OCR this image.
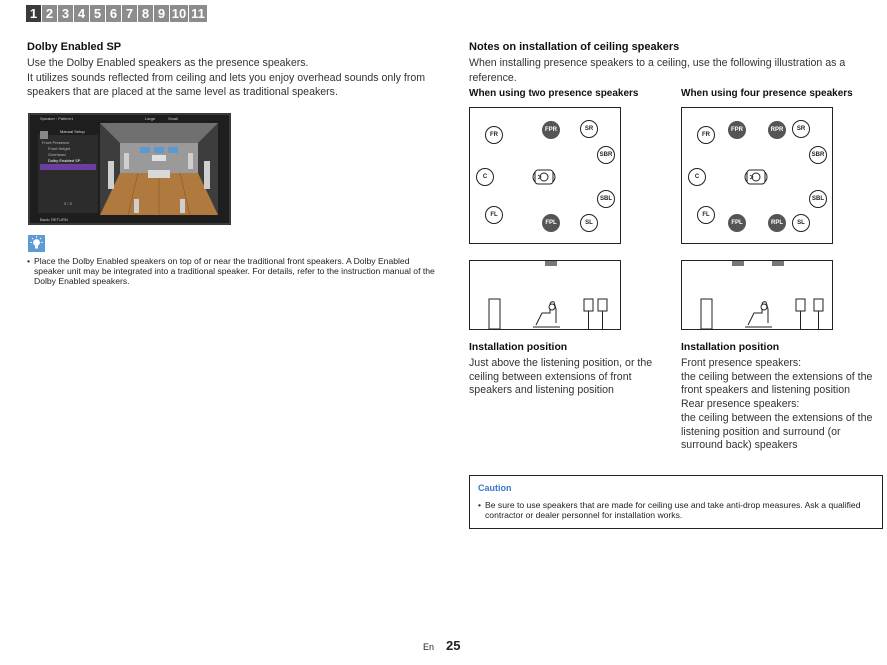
1 2 3 4 5 6 7 8 9 10 11
Dolby Enabled SP
Use the Dolby Enabled speakers as the presence speakers.
It utilizes sounds reflected from ceiling and lets you enjoy overhead sounds only from
speakers that are placed at the same level as traditional speakers.
Speaker : Pattern1	Large	Small
Manual Setup
Front Presence
Front Height
Overhead
Dolby Enabled SP
3 / 3
Back: RETURN
• Place the Dolby Enabled speakers on top of or near the traditional front speakers. A Dolby Enabled
speaker unit may be integrated into a traditional speaker. For details, refer to the instruction manual of the
Dolby Enabled speakers.
Notes on installation of ceiling speakers
When installing presence speakers to a ceiling, use the following illustration as a
reference.
When using two presence speakers	When using four presence speakers
FR
FPR	SR
SBR
C
SBL
FL
FPL	SL
FR
FPR	RPR	SR
SBR
C
SBL
FL
FPL	RPL	SL
Installation position
Just above the listening position, or the
ceiling between extensions of front
speakers and listening position
Installation position
Front presence speakers:
the ceiling between the extensions of the
front speakers and listening position
Rear presence speakers:
the ceiling between the extensions of the
listening position and surround (or
surround back) speakers
Caution
• Be sure to use speakers that are made for ceiling use and take anti-drop measures. Ask a qualified
contractor or dealer personnel for installation works.
En 25
